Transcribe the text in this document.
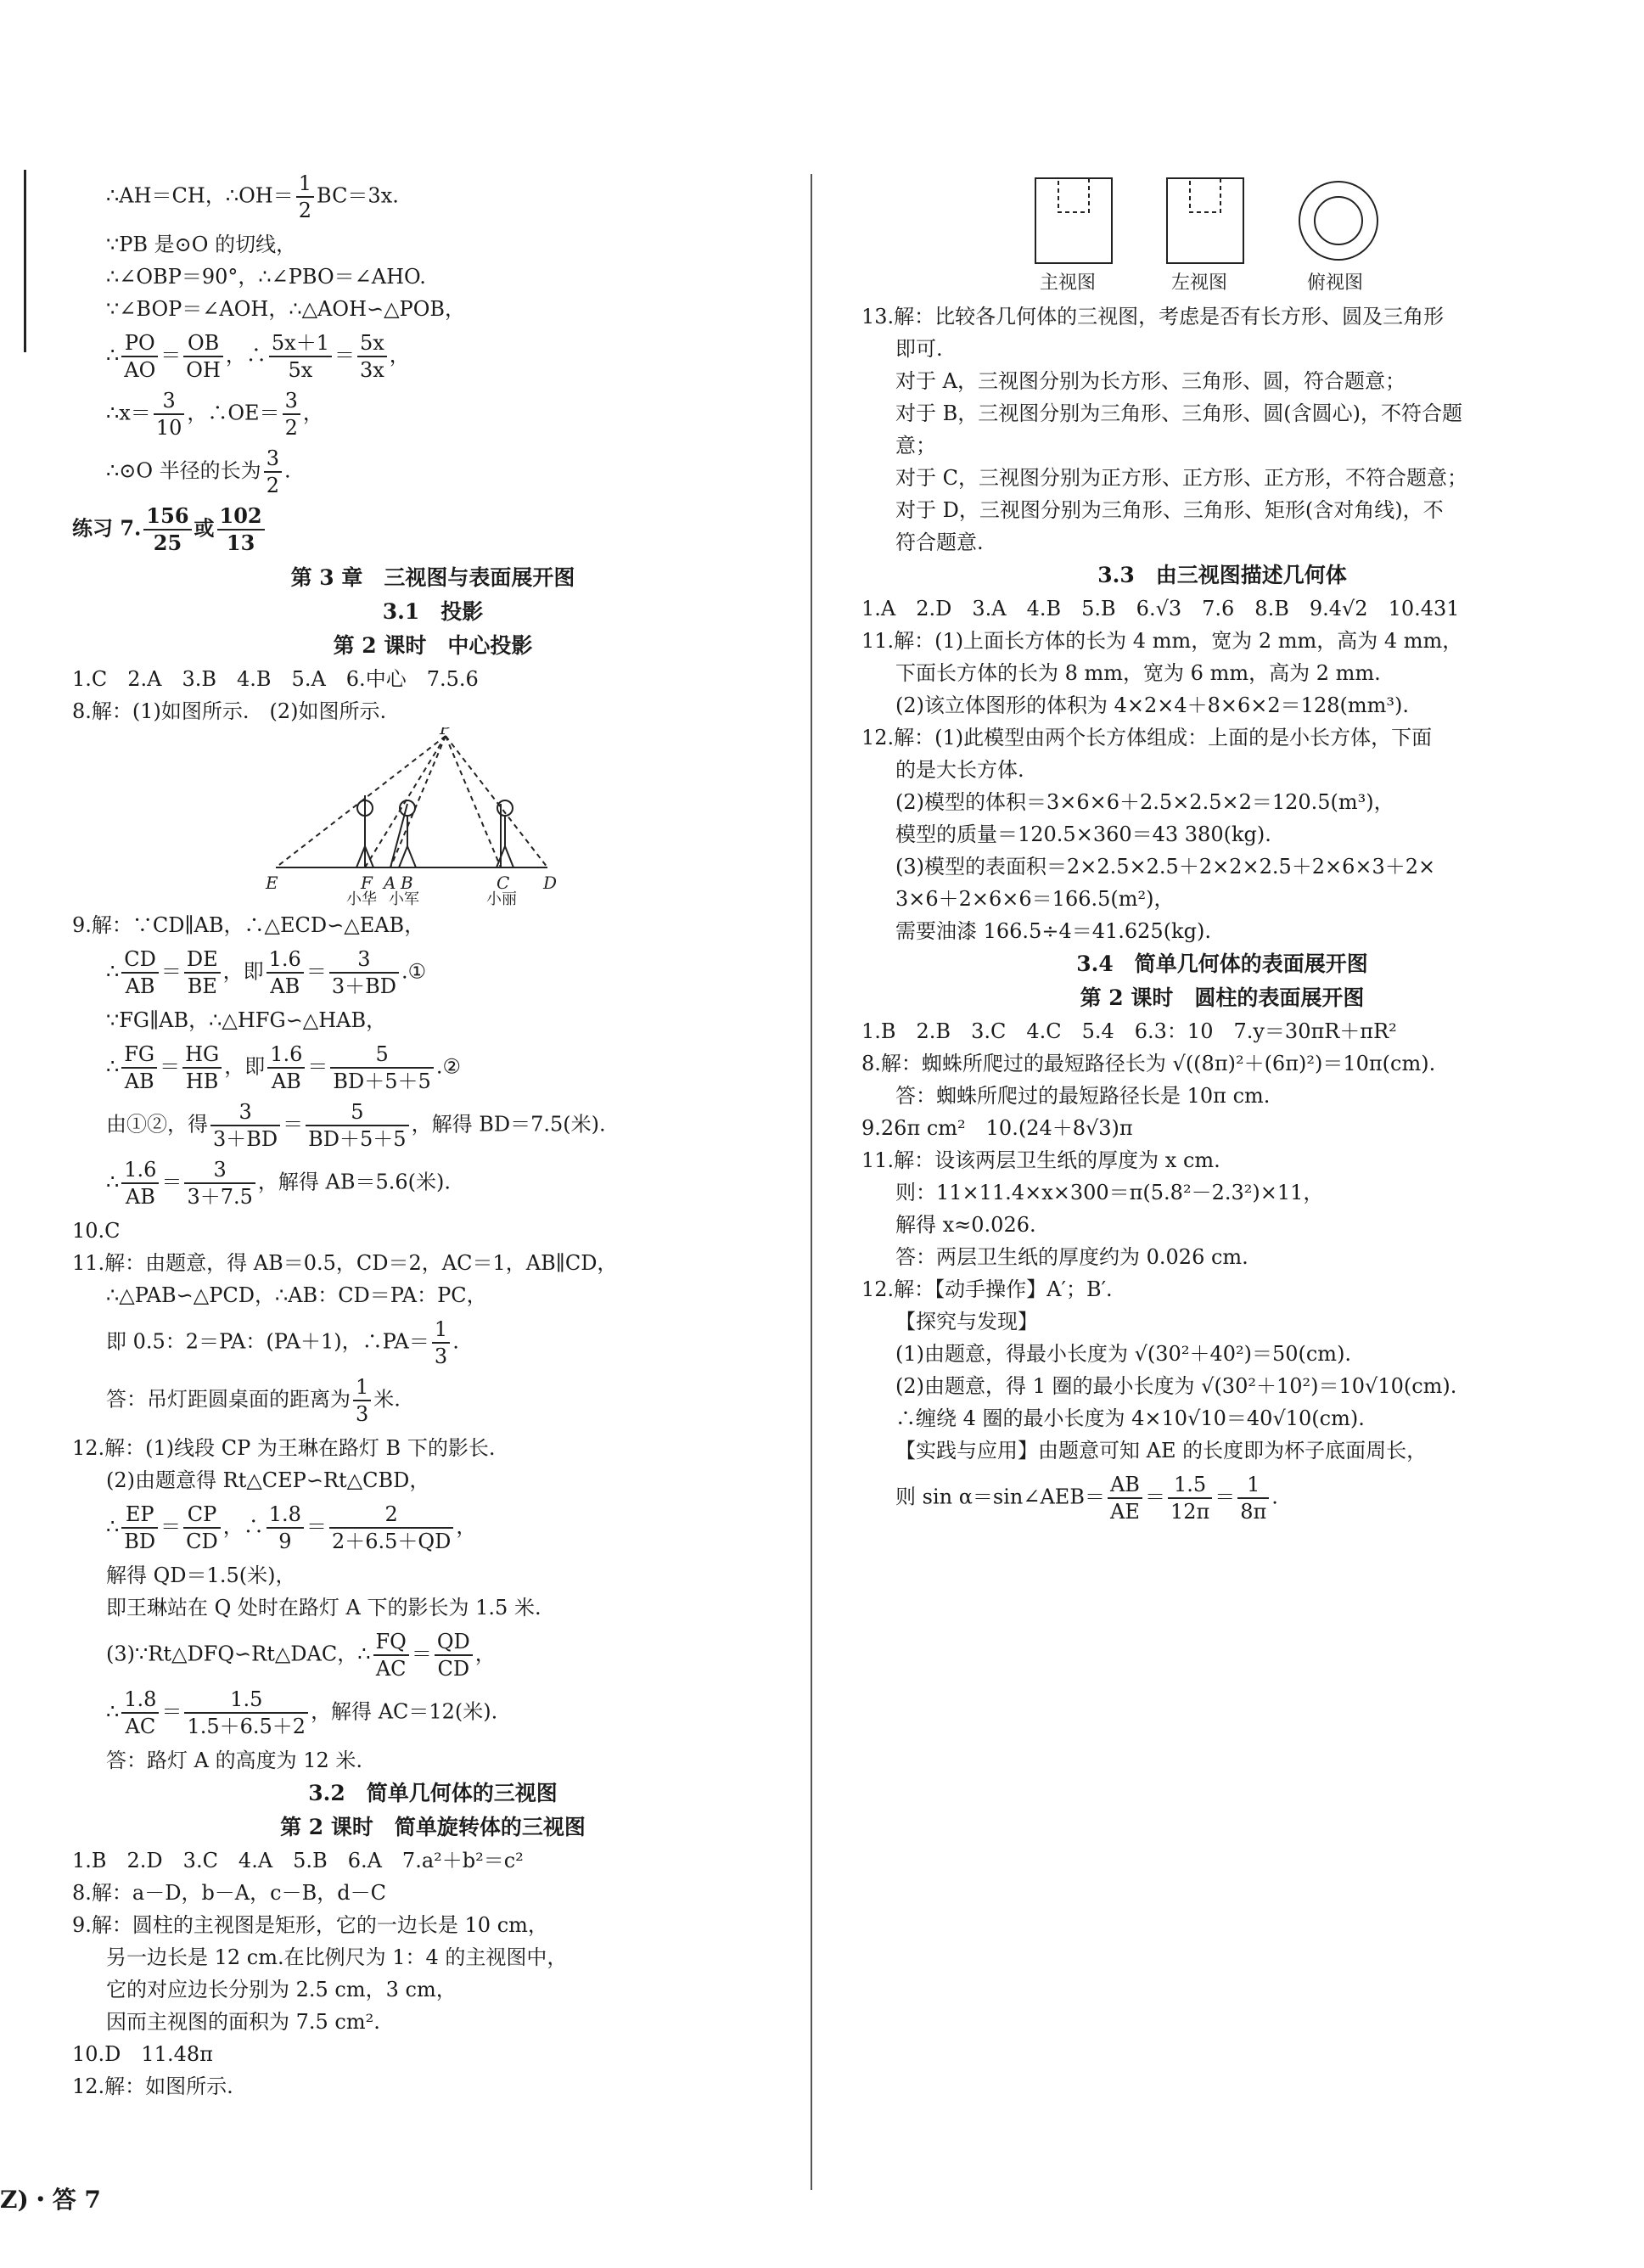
∴AH＝CH，∴OH＝ $\frac{1}{2} BC=3x$.
∵PB 是⊙O 的切线，
∴∠OBP＝90°，∴∠PBO＝∠AHO.
∵∠BOP＝∠AOH，∴△AOH∽△POB，
∴ $\frac{PO}{AO} = \frac{OB}{OH}$ ，∴ $\frac{5x+1}{5x} = \frac{5x}{3x}$ ，
∴x＝ $\frac{3}{10}$ ，∴OE＝ $\frac{3}{2}$ ，
∴⊙O 半径的长为 $\frac{3}{2}$ .
练习 7. $\frac{156}{25}$ 或 $\frac{102}{13}$
第 3 章　三视图与表面展开图
3.1　投影
第 2 课时　中心投影
1.C　2.A　3.B　4.B　5.A　6.中心　7.5.6
8.解：(1)如图所示.　(2)如图所示.
P
E	F A B	C D
小华 小军	小丽
9.解：∵CD∥AB，∴△ECD∽△EAB，
∴ $\frac{CD}{AB} = \frac{DE}{BE}$ ，即 $\frac{1.6}{AB} = \frac{3}{3+BD}$ .①
∵FG∥AB，∴△HFG∽△HAB，
∴ $\frac{FG}{AB} = \frac{HG}{HB}$ ，即 $\frac{1.6}{AB} = \frac{5}{BD+5+5}$ .②
由①②，得 $\frac{3}{3+BD} = \frac{5}{BD+5+5}$ ，解得 BD＝7.5(米).
∴ $\frac{1.6}{AB} = \frac{3}{3+7.5}$ ，解得 AB＝5.6(米).
10.C
11.解：由题意，得 AB＝0.5，CD＝2，AC＝1，AB∥CD，
∴△PAB∽△PCD，∴AB：CD＝PA：PC，
即 0.5：2＝PA：(PA＋1)，∴PA＝ $\frac{1}{3}$ .
答：吊灯距圆桌面的距离为 $\frac{1}{3}$ 米.
12.解：(1)线段 CP 为王琳在路灯 B 下的影长.
(2)由题意得 Rt△CEP∽Rt△CBD，
∴ $\frac{EP}{BD} = \frac{CP}{CD}$ ，∴ $\frac{1.8}{9} = \frac{2}{2+6.5+QD}$ ，
解得 QD＝1.5(米)，
即王琳站在 Q 处时在路灯 A 下的影长为 1.5 米.
(3)∵Rt△DFQ∽Rt△DAC，∴ $\frac{FQ}{AC} = \frac{QD}{CD}$ ，
∴ $\frac{1.8}{AC} = \frac{1.5}{1.5+6.5+2}$ ，解得 AC＝12(米).
答：路灯 A 的高度为 12 米.
3.2　简单几何体的三视图
第 2 课时　简单旋转体的三视图
1.B　2.D　3.C　4.A　5.B　6.A　7.a²＋b²＝c²
8.解：a－D，b－A，c－B，d－C
9.解：圆柱的主视图是矩形，它的一边长是 10 cm，
另一边长是 12 cm.在比例尺为 1：4 的主视图中，
它的对应边长分别为 2.5 cm，3 cm，
因而主视图的面积为 7.5 cm².
10.D　11.48π
12.解：如图所示.
主视图	左视图	俯视图
13.解：比较各几何体的三视图，考虑是否有长方形、圆及三角形
即可.
对于 A，三视图分别为长方形、三角形、圆，符合题意；
对于 B，三视图分别为三角形、三角形、圆(含圆心)，不符合题
意；
对于 C，三视图分别为正方形、正方形、正方形，不符合题意；
对于 D，三视图分别为三角形、三角形、矩形(含对角线)，不
符合题意.
3.3　由三视图描述几何体
1.A　2.D　3.A　4.B　5.B　6.√3　7.6　8.B　9.4√2　10.431
11.解：(1)上面长方体的长为 4 mm，宽为 2 mm，高为 4 mm，
下面长方体的长为 8 mm，宽为 6 mm，高为 2 mm.
(2)该立体图形的体积为 4×2×4＋8×6×2＝128(mm³).
12.解：(1)此模型由两个长方体组成：上面的是小长方体，下面
的是大长方体.
(2)模型的体积＝3×6×6＋2.5×2.5×2＝120.5(m³)，
模型的质量＝120.5×360＝43 380(kg).
(3)模型的表面积＝2×2.5×2.5＋2×2×2.5＋2×6×3＋2×
3×6＋2×6×6＝166.5(m²)，
需要油漆 166.5÷4＝41.625(kg).
3.4　简单几何体的表面展开图
第 2 课时　圆柱的表面展开图
1.B　2.B　3.C　4.C　5.4　6.3：10　7.y＝30πR＋πR²
8.解：蜘蛛所爬过的最短路径长为 √((8π)²＋(6π)²)＝10π(cm).
答：蜘蛛所爬过的最短路径长是 10π cm.
9.26π cm²　10.(24＋8√3)π
11.解：设该两层卫生纸的厚度为 x cm.
则：11×11.4×x×300＝π(5.8²－2.3²)×11，
解得 x≈0.026.
答：两层卫生纸的厚度约为 0.026 cm.
12.解：【动手操作】A′；B′.
【探究与发现】
(1)由题意，得最小长度为 √(30²＋40²)＝50(cm).
(2)由题意，得 1 圈的最小长度为 √(30²＋10²)＝10√10(cm).
∴缠绕 4 圈的最小长度为 4×10√10＝40√10(cm).
【实践与应用】由题意可知 AE 的长度即为杯子底面周长，
则 sin α＝sin∠AEB＝ $\frac{AB}{AE} = \frac{1.5}{12\pi} = \frac{1}{8\pi}$ .
Z)・答 7
